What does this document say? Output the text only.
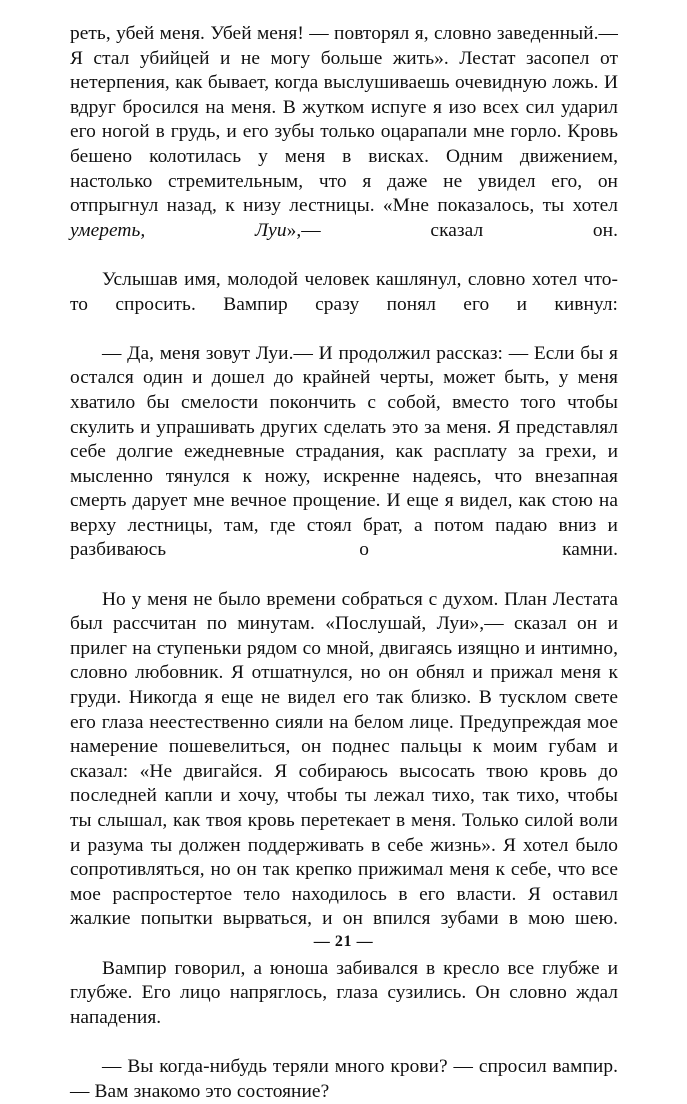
реть, убей меня. Убей меня! — повторял я, словно заведенный.— Я стал убийцей и не могу больше жить». Лестат засопел от нетерпения, как бывает, когда выслушиваешь очевидную ложь. И вдруг бросился на меня. В жутком испуге я изо всех сил ударил его ногой в грудь, и его зубы только оцарапали мне горло. Кровь бешено колотилась у меня в висках. Одним движением, настолько стремительным, что я даже не увидел его, он отпрыгнул назад, к низу лестницы. «Мне показалось, ты хотел умереть, Луи»,— сказал он.

Услышав имя, молодой человек кашлянул, словно хотел что-то спросить. Вампир сразу понял его и кивнул:

— Да, меня зовут Луи.— И продолжил рассказ: — Если бы я остался один и дошел до крайней черты, может быть, у меня хватило бы смелости покончить с собой, вместо того чтобы скулить и упрашивать других сделать это за меня. Я представлял себе долгие ежедневные страдания, как расплату за грехи, и мысленно тянулся к ножу, искренне надеясь, что внезапная смерть дарует мне вечное прощение. И еще я видел, как стою на верху лестницы, там, где стоял брат, а потом падаю вниз и разбиваюсь о камни.

Но у меня не было времени собраться с духом. План Лестата был рассчитан по минутам. «Послушай, Луи»,— сказал он и прилег на ступеньки рядом со мной, двигаясь изящно и интимно, словно любовник. Я отшатнулся, но он обнял и прижал меня к груди. Никогда я еще не видел его так близко. В тусклом свете его глаза неестественно сияли на белом лице. Предупреждая мое намерение пошевелиться, он поднес пальцы к моим губам и сказал: «Не двигайся. Я собираюсь высосать твою кровь до последней капли и хочу, чтобы ты лежал тихо, так тихо, чтобы ты слышал, как твоя кровь перетекает в меня. Только силой воли и разума ты должен поддерживать в себе жизнь». Я хотел было сопротивляться, но он так крепко прижимал меня к себе, что все мое распростертое тело находилось в его власти. Я оставил жалкие попытки вырваться, и он впился зубами в мою шею.

Вампир говорил, а юноша забивался в кресло все глубже и глубже. Его лицо напряглось, глаза сузились. Он словно ждал нападения.

— Вы когда-нибудь теряли много крови? — спросил вампир.— Вам знакомо это состояние?

— 21 —
